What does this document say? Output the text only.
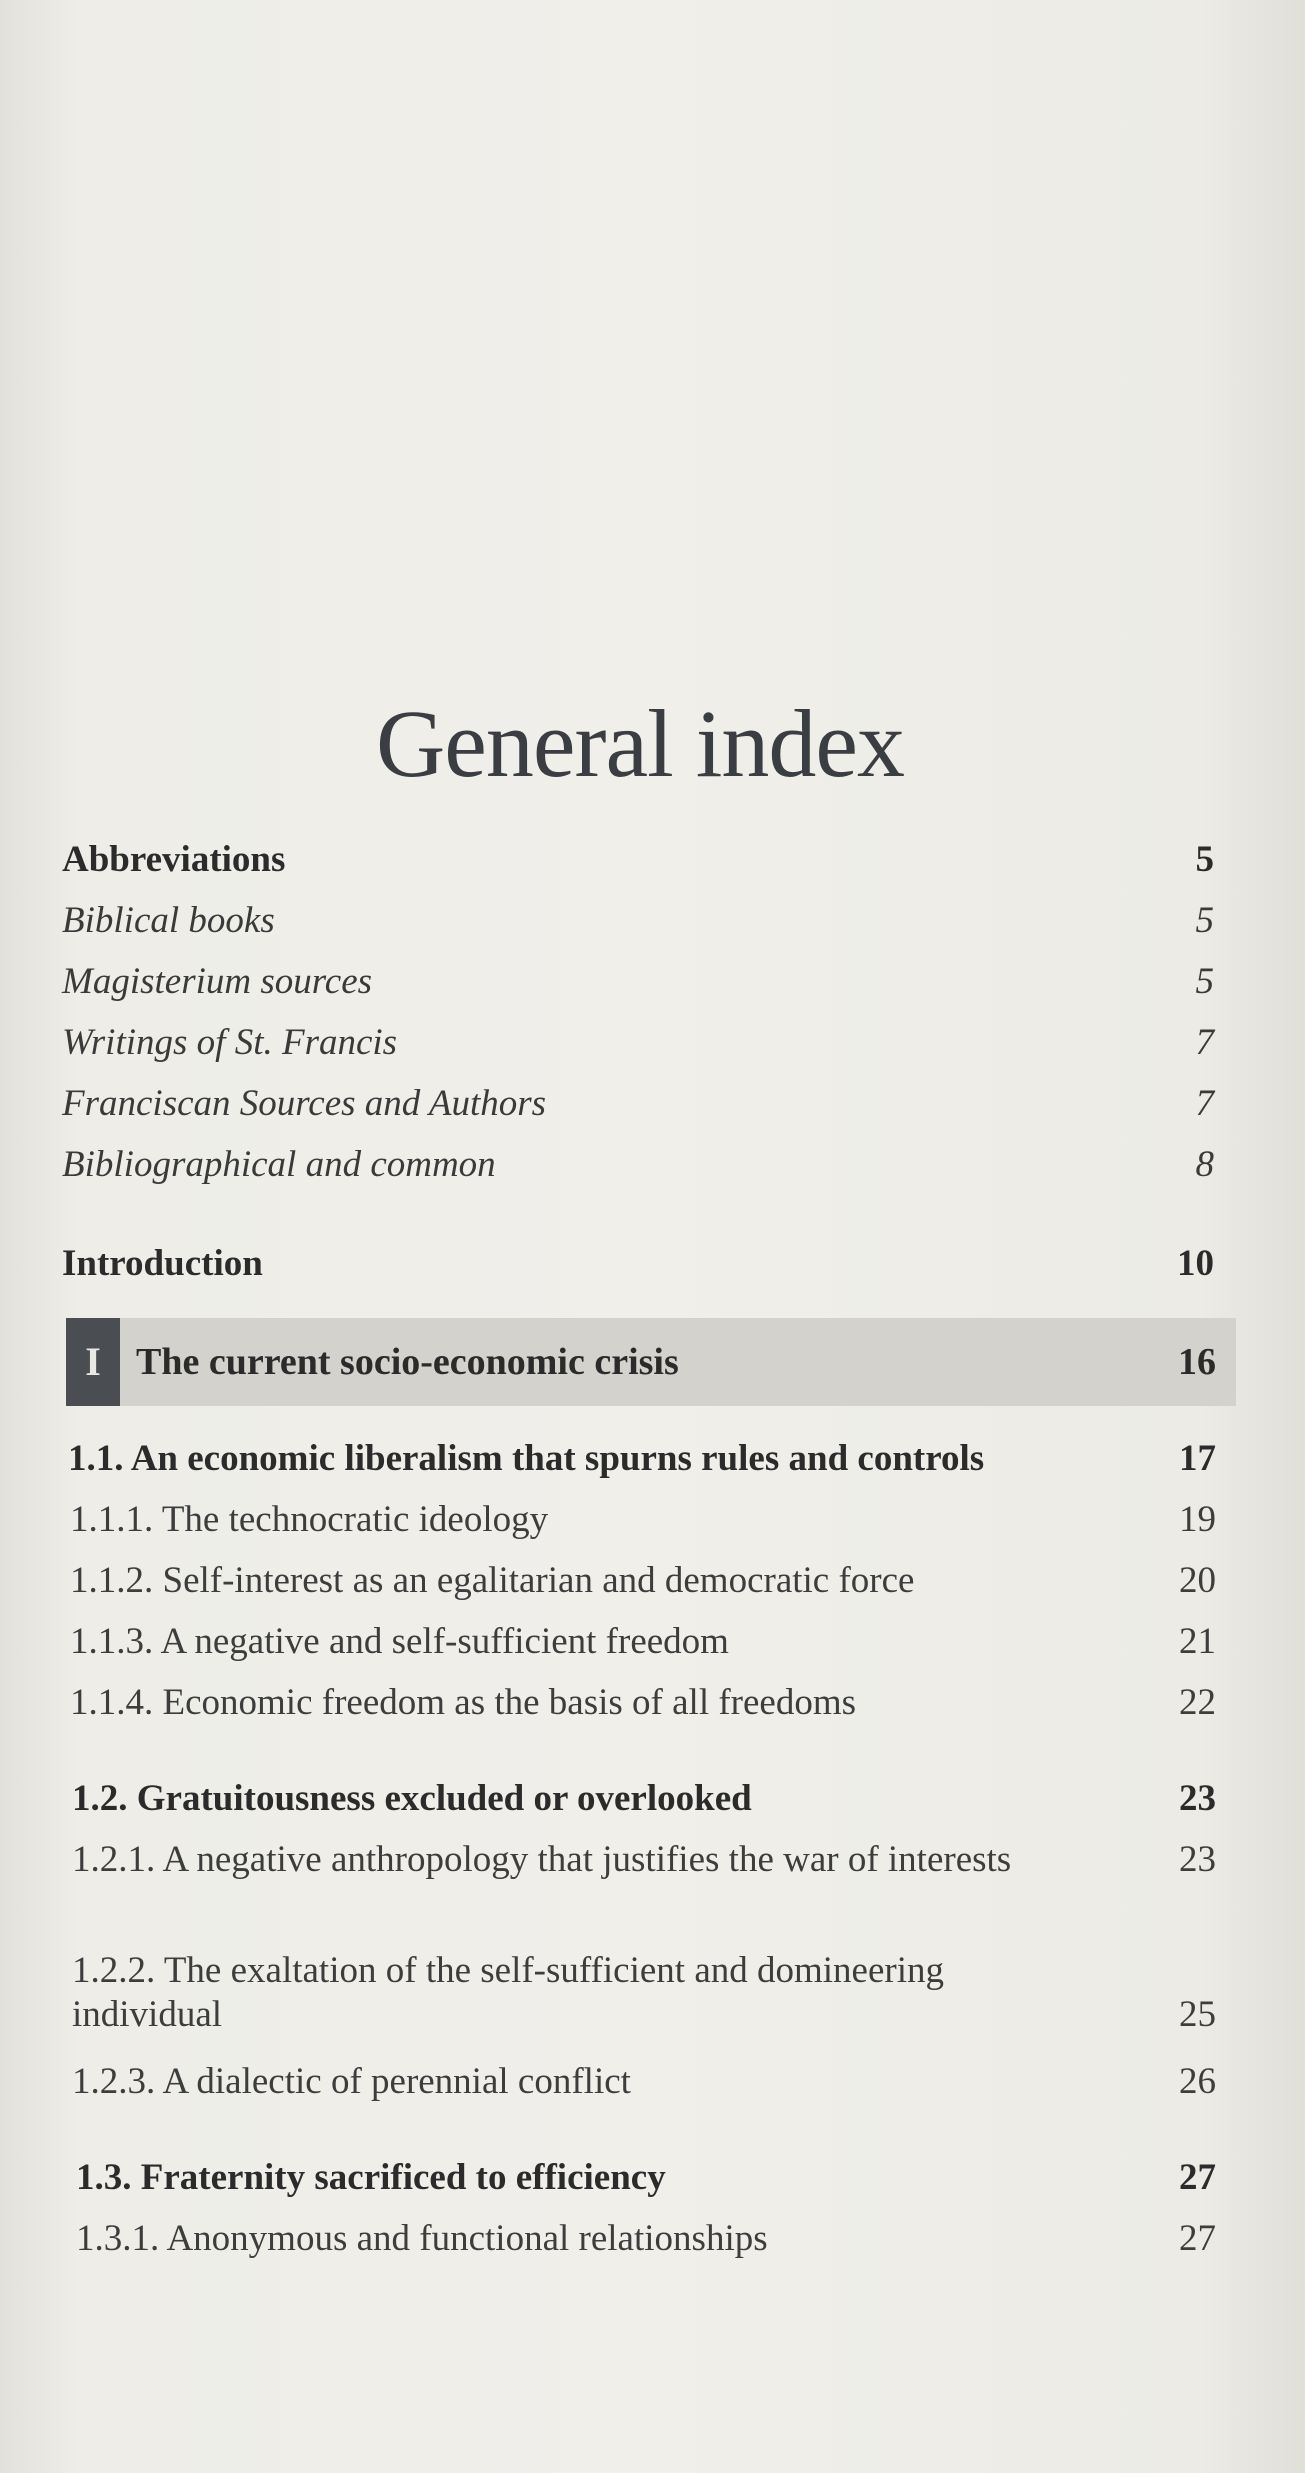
General index
Abbreviations	5
Biblical books	5
Magisterium sources	5
Writings of St. Francis	7
Franciscan Sources and Authors	7
Bibliographical and common	8
Introduction	10
I The current socio-economic crisis	16
1.1. An economic liberalism that spurns rules and controls	17
1.1.1. The technocratic ideology	19
1.1.2. Self-interest as an egalitarian and democratic force	20
1.1.3. A negative and self-sufficient freedom	21
1.1.4. Economic freedom as the basis of all freedoms	22
1.2. Gratuitousness excluded or overlooked	23
1.2.1. A negative anthropology that justifies the war of interests	23
1.2.2. The exaltation of the self-sufficient and domineering individual	25
1.2.3. A dialectic of perennial conflict	26
1.3. Fraternity sacrificed to efficiency	27
1.3.1. Anonymous and functional relationships	27
